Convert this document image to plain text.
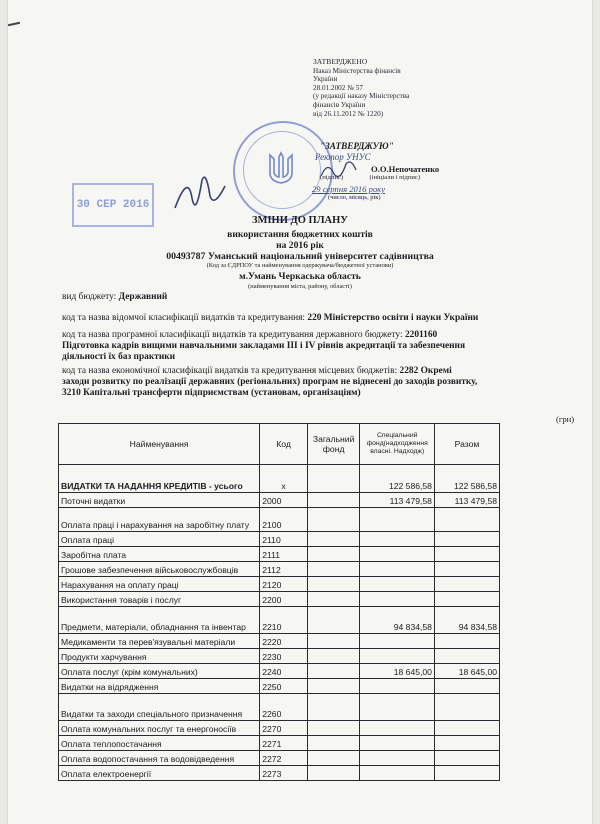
ЗАТВЕРДЖЕНО
Наказ Міністерства фінансів
України
28.01.2002 № 57
(у редакції наказу Міністерства
фінансів України
від 26.11.2012 № 1220)
"ЗАТВЕРДЖУЮ"
Ректор УНУС
О.О.Непочатенко
(підпис)                (ініціали і підпис)
29 серпня 2016 року
(число, місяць, рік)
30 СЕР 2016
ЗМІНИ ДО ПЛАНУ
використання бюджетних коштів
на 2016 рік
00493787 Уманський національний університет садівництва
(Код за ЄДРПОУ та найменування одержувача/бюджетної установи)
м.Умань Черкаська область
(найменування міста, району, області)
вид бюджету: Державний
код та назва відомчої класифікації видатків та кредитування: 220 Міністерство освіти і науки України
код та назва програмної класифікації видатків та кредитування державного бюджету: 2201160
Підготовка кадрів вищими навчальними закладами ІІІ і ІV рівнів акредитації та забезпечення
діяльності їх баз практики
код та назва економічної класифікації видатків та кредитування місцевих бюджетів: 2282 Окремі
заходи розвитку по реалізації державних (регіональних) програм не віднесені до заходів розвитку,
3210 Капітальні трансферти підприємствам (установам, організаціям)
(грн)
Найменування	Код	Загальний фонд	Спеціальний фонд(надходження власні. Надходж)	Разом
ВИДАТКИ ТА НАДАННЯ КРЕДИТІВ - усього	x		122 586,58	122 586,58
Поточні видатки	2000		113 479,58	113 479,58
Оплата праці і нарахування на заробітну плату	2100			
Оплата праці	2110			
Заробітна плата	2111			
Грошове забезпечення військовослужбовців	2112			
Нарахування на оплату праці	2120			
Використання товарів і послуг	2200			
Предмети, матеріали, обладнання та інвентар	2210		94 834,58	94 834,58
Медикаменти та перев'язувальні матеріали	2220			
Продукти харчування	2230			
Оплата послуг (крім комунальних)	2240		18 645,00	18 645,00
Видатки на відрядження	2250			
Видатки та заходи спеціального призначення	2260			
Оплата комунальних послуг та енергоносіїв	2270			
Оплата теплопостачання	2271			
Оплата водопостачання та водовідведення	2272			
Оплата електроенергії	2273			
